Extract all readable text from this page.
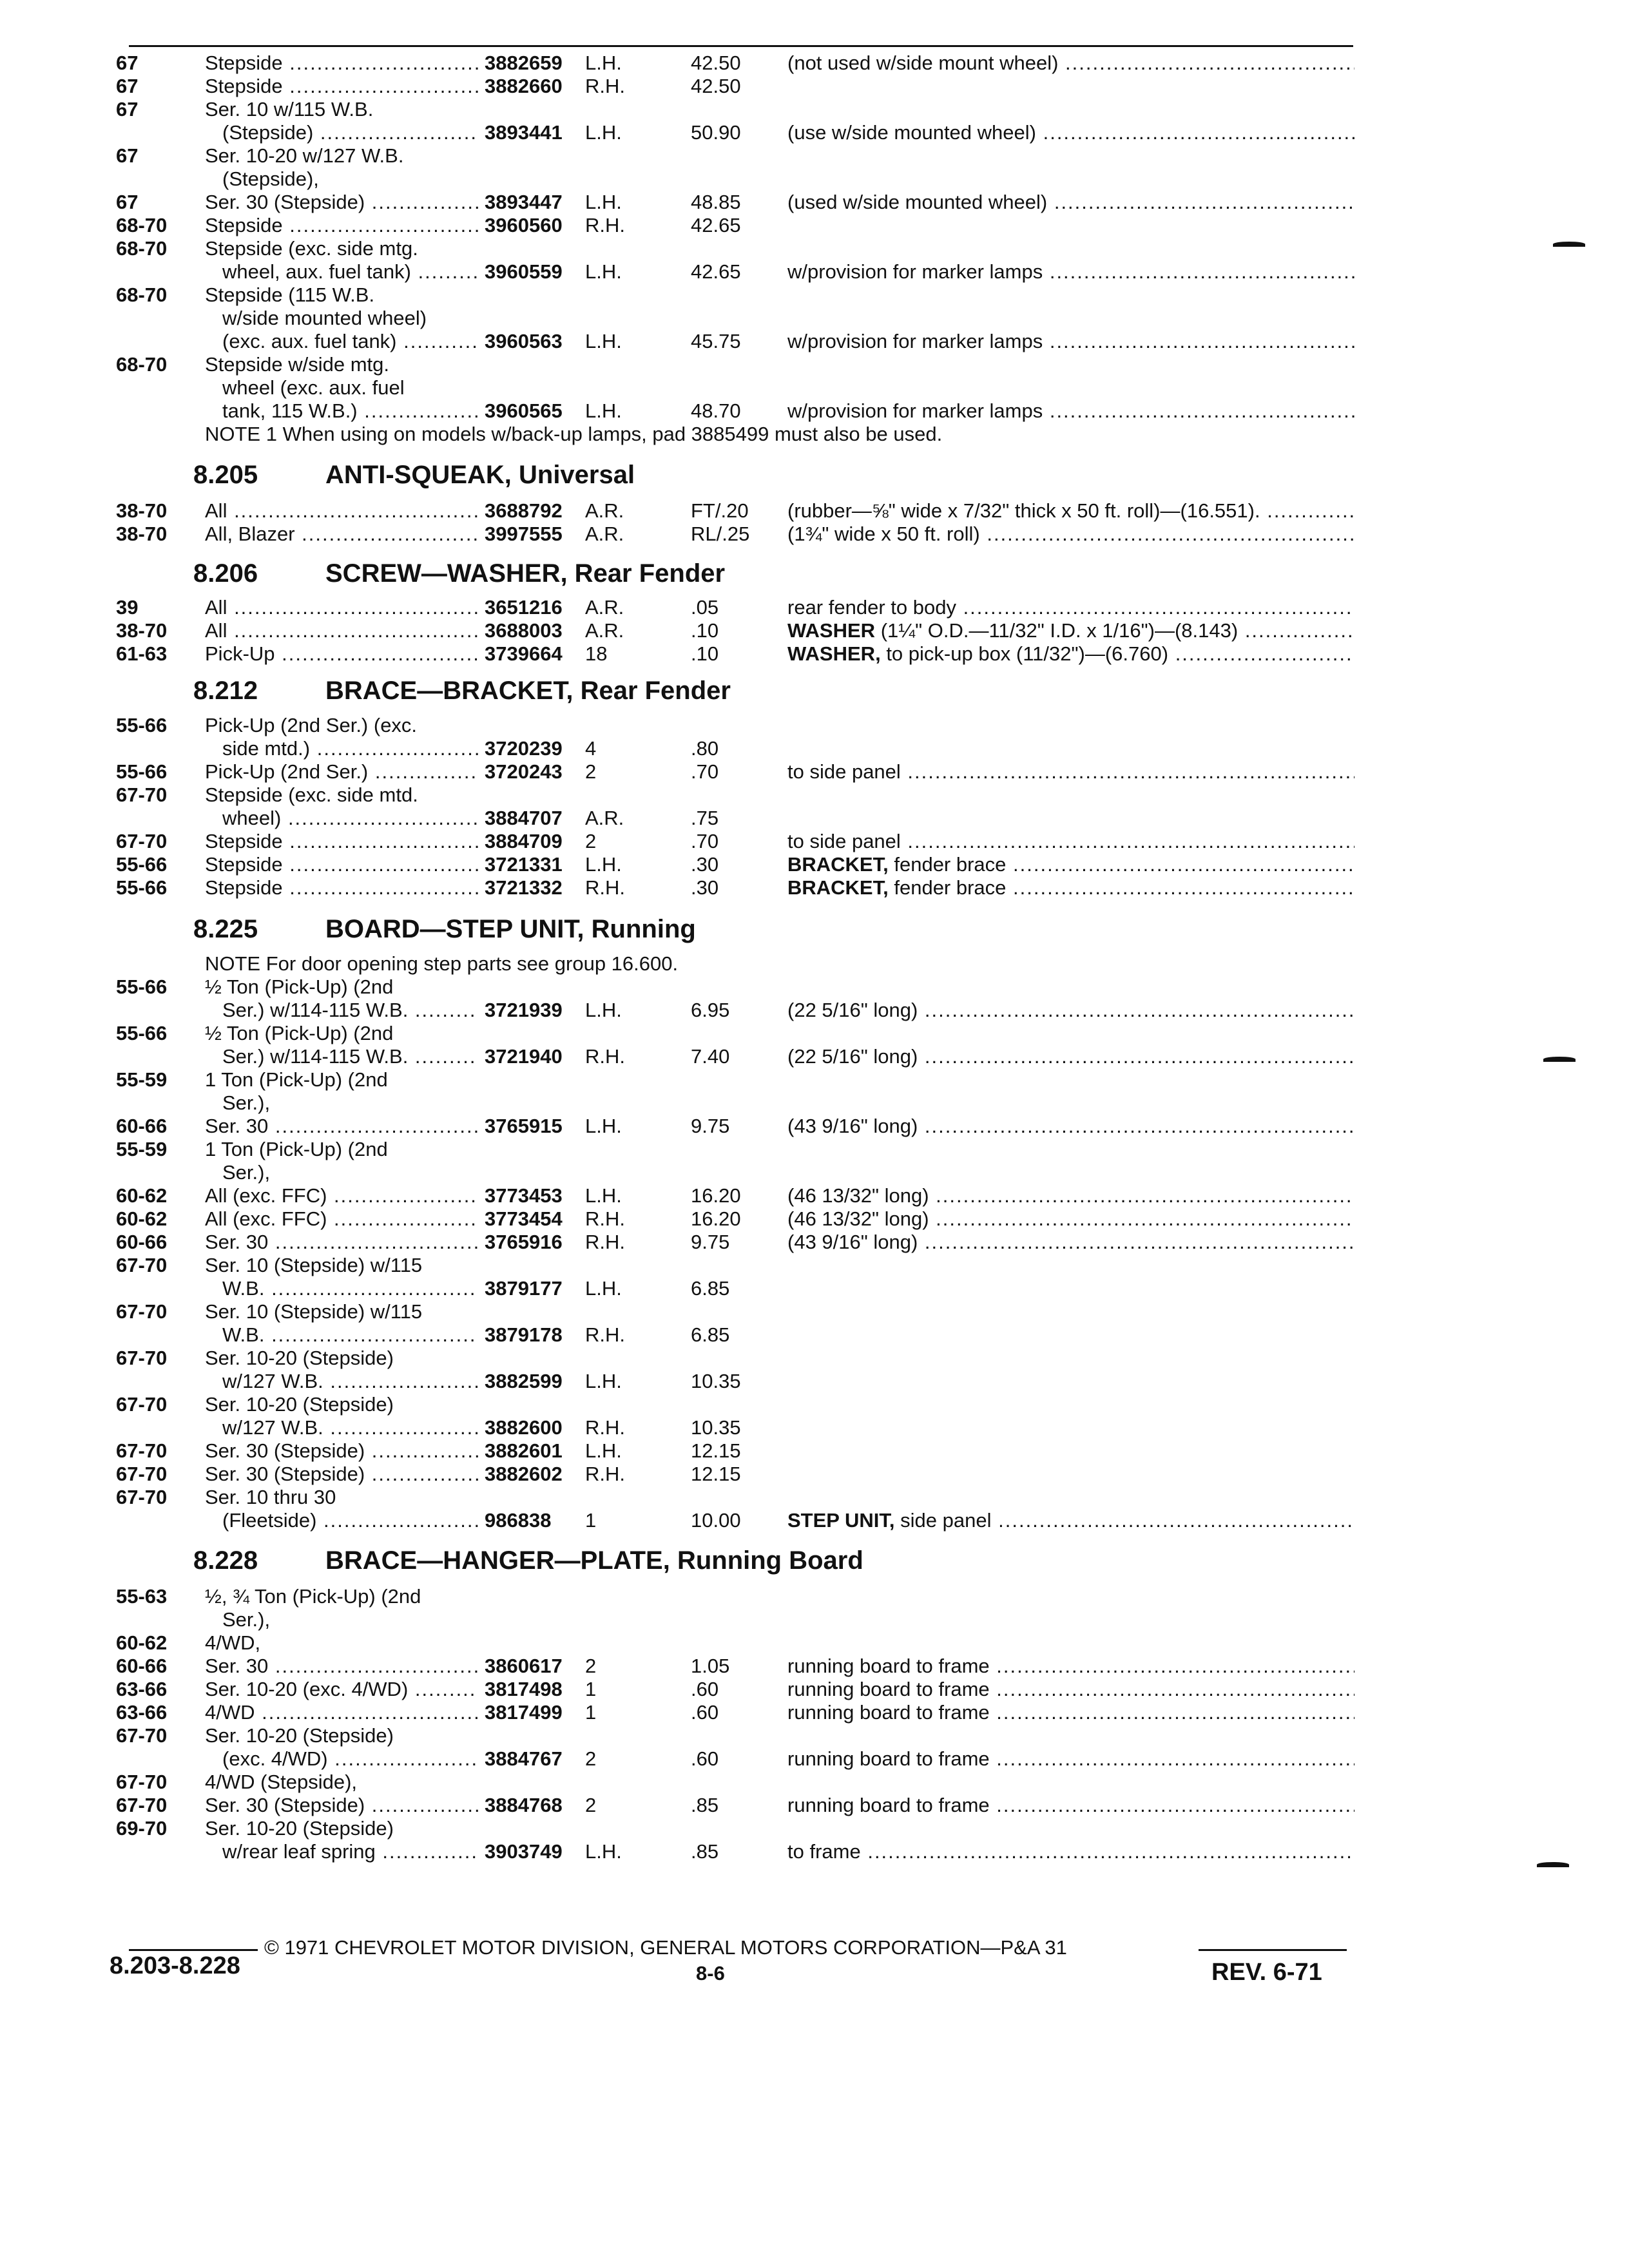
67	Stepside .....	3882659 L.H.	42.50 (not used w/side mount wheel) .....
67	Stepside .....	3882660 R.H.	42.50
67	Ser. 10 w/115 W.B.
(Stepside) .....	3893441 L.H.	50.90 (use w/side mounted wheel) .....
67	Ser. 10-20 w/127 W.B.
(Stepside),
67	Ser. 30 (Stepside) .....	3893447 L.H.	48.85 (used w/side mounted wheel) .....
68-70 Stepside .....	3960560 R.H.	42.65
68-70 Stepside (exc. side mtg.
wheel, aux. fuel tank) .....	3960559 L.H.	42.65 w/provision for marker lamps .....
68-70 Stepside (115 W.B.
w/side mounted wheel)
(exc. aux. fuel tank) .....	3960563 L.H.	45.75 w/provision for marker lamps .....
68-70 Stepside w/side mtg.
wheel (exc. aux. fuel
tank, 115 W.B.) .....	3960565 L.H.	48.70 w/provision for marker lamps .....
NOTE 1 When using on models w/back-up lamps, pad 3885499 must also be used.
8.205	ANTI-SQUEAK, Universal
38-70 All .....	3688792 A.R.	FT/.20 (rubber—⅝" wide x 7/32" thick x 50 ft. roll)—(16.551). .....
38-70 All, Blazer .....	3997555 A.R.	RL/.25 (1¾" wide x 50 ft. roll) .....
8.206	SCREW—WASHER, Rear Fender
39	All .....	3651216 A.R.	.05	rear fender to body .....
38-70 All .....	3688003 A.R.	.10	WASHER (1¼" O.D.—11/32" I.D. x 1/16")—(8.143) .....
61-63 Pick-Up .....	3739664 18	.10	WASHER, to pick-up box (11/32")—(6.760) .....
8.212	BRACE—BRACKET, Rear Fender
55-66 Pick-Up (2nd Ser.) (exc.
side mtd.) .....	3720239 4	.80
55-66 Pick-Up (2nd Ser.) .....	3720243 2	.70	to side panel .....
67-70 Stepside (exc. side mtd.
wheel) .....	3884707 A.R.	.75
67-70 Stepside .....	3884709 2	.70	to side panel .....
55-66 Stepside .....	3721331 L.H.	.30	BRACKET, fender brace .....
55-66 Stepside .....	3721332 R.H.	.30	BRACKET, fender brace .....
8.225	BOARD—STEP UNIT, Running
NOTE For door opening step parts see group 16.600.
55-66 ½ Ton (Pick-Up) (2nd
Ser.) w/114-115 W.B. .....	3721939 L.H.	6.95	(22 5/16" long) .....
55-66 ½ Ton (Pick-Up) (2nd
Ser.) w/114-115 W.B. .....	3721940 R.H.	7.40	(22 5/16" long) .....
55-59 1 Ton (Pick-Up) (2nd
Ser.),
60-66 Ser. 30 .....	3765915 L.H.	9.75	(43 9/16" long) .....
55-59 1 Ton (Pick-Up) (2nd
Ser.),
60-62 All (exc. FFC) .....	3773453 L.H.	16.20 (46 13/32" long) .....
60-62 All (exc. FFC) .....	3773454 R.H.	16.20 (46 13/32" long) .....
60-66 Ser. 30 .....	3765916 R.H.	9.75	(43 9/16" long) .....
67-70 Ser. 10 (Stepside) w/115
W.B. .....	3879177 L.H.	6.85
67-70 Ser. 10 (Stepside) w/115
W.B. .....	3879178 R.H.	6.85
67-70 Ser. 10-20 (Stepside)
w/127 W.B. .....	3882599 L.H.	10.35
67-70 Ser. 10-20 (Stepside)
w/127 W.B. .....	3882600 R.H.	10.35
67-70 Ser. 30 (Stepside) .....	3882601 L.H.	12.15
67-70 Ser. 30 (Stepside) .....	3882602 R.H.	12.15
67-70 Ser. 10 thru 30
(Fleetside) .....	986838 1	10.00 STEP UNIT, side panel .....
8.228	BRACE—HANGER—PLATE, Running Board
55-63 ½, ¾ Ton (Pick-Up) (2nd
Ser.),
60-62 4/WD,
60-66 Ser. 30 .....	3860617 2	1.05	running board to frame .....
63-66 Ser. 10-20 (exc. 4/WD) .....	3817498 1	.60	running board to frame .....
63-66 4/WD .....	3817499 1	.60	running board to frame .....
67-70 Ser. 10-20 (Stepside)
(exc. 4/WD) .....	3884767 2	.60	running board to frame .....
67-70 4/WD (Stepside),
67-70 Ser. 30 (Stepside) .....	3884768 2	.85	running board to frame .....
69-70 Ser. 10-20 (Stepside)
w/rear leaf spring .....	3903749 L.H.	.85	to frame .....
© 1971 CHEVROLET MOTOR DIVISION, GENERAL MOTORS CORPORATION—P&A 31
8.203-8.228	8-6	REV. 6-71
